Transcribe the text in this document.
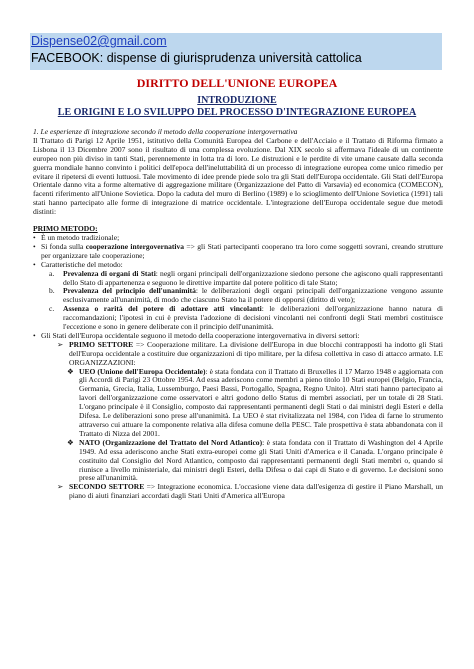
Dispense02@gmail.com
FACEBOOK: dispense di giurisprudenza università cattolica
DIRITTO DELL'UNIONE EUROPEA
INTRODUZIONE
LE ORIGINI E LO SVILUPPO DEL PROCESSO D'INTEGRAZIONE EUROPEA

1. Le esperienze di integrazione secondo il metodo della cooperazione intergovernativa

Il Trattato di Parigi 12 Aprile 1951, istitutivo della Comunità Europea del Carbone e dell'Acciaio e il Trattato di Riforma firmato a Lisbona il 13 Dicembre 2007 sono il risultato di una complessa evoluzione. Dal XIX secolo si affermava l'ideale di un continente europeo non più diviso in tanti Stati, perennemente in lotta tra di loro. Le distruzioni e le perdite di vite umane causate dalla seconda guerra mondiale hanno convinto i politici dell'epoca dell'ineluttabilità di un processo di integrazione europea come unico rimedio per evitare il ripetersi di eventi luttuosi. Tale movimento di idee prende piede solo tra gli Stati dell'Europa occidentale. Gli Stati dell'Europa Orientale danno vita a forme alternative di aggregazione militare (Organizzazione del Patto di Varsavia) ed economica (COMECON), facenti riferimento all'Unione Sovietica. Dopo la caduta del muro di Berlino (1989) e lo scioglimento dell'Unione Sovietica (1991) tali stati hanno partecipato alle forme di integrazione di matrice occidentale. L'integrazione dell'Europa occidentale segue due metodi distinti:

PRIMO METODO:

• È un metodo tradizionale;
• Si fonda sulla cooperazione intergovernativa => gli Stati partecipanti cooperano tra loro come soggetti sovrani, creando strutture per organizzare tale cooperazione;
• Caratteristiche del metodo:
a. Prevalenza di organi di Stati: negli organi principali dell'organizzazione siedono persone che agiscono quali rappresentanti dello Stato di appartenenza e seguono le direttive impartite dal potere politico di tale Stato;
b. Prevalenza del principio dell'unanimità: le deliberazioni degli organi principali dell'organizzazione vengono assunte esclusivamente all'unanimità, di modo che ciascuno Stato ha il potere di opporsi (diritto di veto);
c. Assenza o rarità del potere di adottare atti vincolanti: le deliberazioni dell'organizzazione hanno natura di raccomandazioni; l'ipotesi in cui è prevista l'adozione di decisioni vincolanti nei confronti degli Stati membri costituisce l'eccezione e sono in genere deliberate con il principio dell'unanimità.
• Gli Stati dell'Europa occidentale seguono il metodo della cooperazione intergovernativa in diversi settori:
➢ PRIMO SETTORE => Cooperazione militare. La divisione dell'Europa in due blocchi contrapposti ha indotto gli Stati dell'Europa occidentale a costituire due organizzazioni di tipo militare, per la difesa collettiva in caso di attacco armato. LE ORGANIZZAZIONI:
❖ UEO (Unione dell'Europa Occidentale): è stata fondata con il Trattato di Bruxelles il 17 Marzo 1948 e aggiornata con gli Accordi di Parigi 23 Ottobre 1954. Ad essa aderiscono come membri a pieno titolo 10 Stati europei (Belgio, Francia, Germania, Grecia, Italia, Lussemburgo, Paesi Bassi, Portogallo, Spagna, Regno Unito). Altri stati hanno partecipato ai lavori dell'organizzazione come osservatori e altri godono dello Status di membri associati, per un totale di 28 Stati. L'organo principale è il Consiglio, composto dai rappresentanti permanenti degli Stati o dai ministri degli Esteri e della Difesa. Le deliberazioni sono prese all'unanimità. La UEO è stat rivitalizzata nel 1984, con l'idea di farne lo strumento attraverso cui attuare la componente relativa alla difesa comune della PESC. Tale prospettiva è stata abbandonata con il Trattato di Nizza del 2001.
❖ NATO (Organizzazione del Trattato del Nord Atlantico): è stata fondata con il Trattato di Washington del 4 Aprile 1949. Ad essa aderiscono anche Stati extra-europei come gli Stati Uniti d'America e il Canada. L'organo principale è costituito dal Consiglio del Nord Atlantico, composto dai rappresentanti permanenti degli Stati membri o, quando si riunisce a livello ministeriale, dai ministri degli Esteri, della Difesa o dai capi di Stato e di governo. Le decisioni sono prese all'unanimità.
➢ SECONDO SETTORE => Integrazione economica. L'occasione viene data dall'esigenza di gestire il Piano Marshall, un piano di aiuti finanziari accordati dagli Stati Uniti d'America all'Europa
